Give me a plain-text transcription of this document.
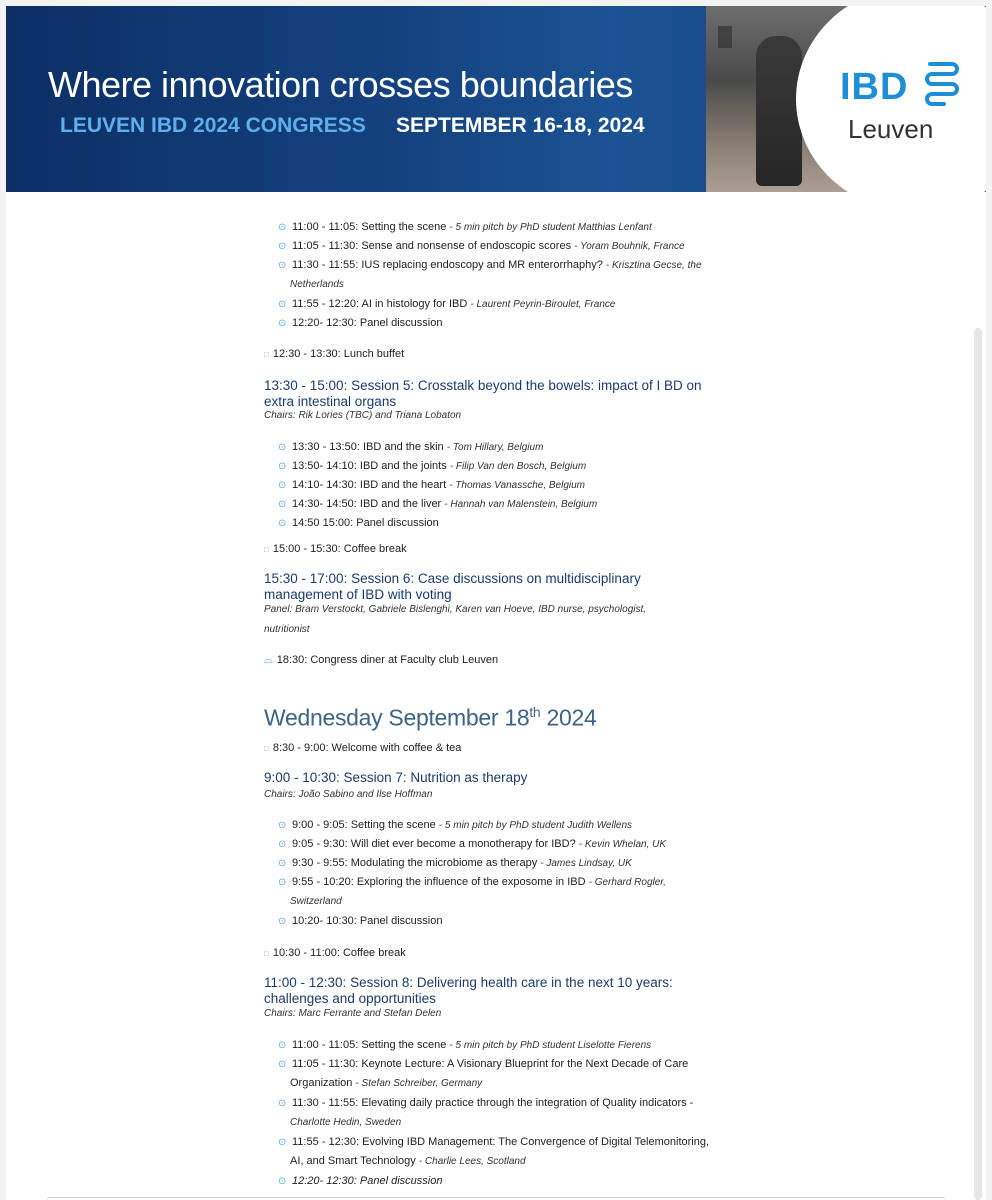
Where innovation crosses boundaries
LEUVEN IBD 2024 CONGRESS SEPTEMBER 16-18, 2024
IBD
Leuven
⊙ 11:00 - 11:05: Setting the scene - 5 min pitch by PhD student Matthias Lenfant
⊙ 11:05 - 11:30: Sense and nonsense of endoscopic scores - Yoram Bouhnik, France
⊙ 11:30 - 11:55: IUS replacing endoscopy and MR enterorrhaphy? - Krisztina Gecse, the
Netherlands
⊙ 11:55 - 12:20: AI in histology for IBD - Laurent Peyrin-Biroulet, France
⊙ 12:20- 12:30: Panel discussion
□ 12:30 - 13:30: Lunch buffet
13:30 - 15:00: Session 5: Crosstalk beyond the bowels: impact of I BD on
extra intestinal organs
Chairs: Rik Lories (TBC) and Triana Lobaton
⊙ 13:30 - 13:50: IBD and the skin - Tom Hillary, Belgium
⊙ 13:50- 14:10: IBD and the joints - Filip Van den Bosch, Belgium
⊙ 14:10- 14:30: IBD and the heart - Thomas Vanassche, Belgium
⊙ 14:30- 14:50: IBD and the liver - Hannah van Malenstein, Belgium
⊙ 14:50 15:00: Panel discussion
□ 15:00 - 15:30: Coffee break
15:30 - 17:00: Session 6: Case discussions on multidisciplinary
management of IBD with voting
Panel: Bram Verstockt, Gabriele Bislenghi, Karen van Hoeve, IBD nurse, psychologist,
nutritionist
⌓ 18:30: Congress diner at Faculty club Leuven
Wednesday September 18th 2024
□ 8:30 - 9:00: Welcome with coffee & tea
9:00 - 10:30: Session 7: Nutrition as therapy
Chairs: João Sabino and Ilse Hoffman
⊙ 9:00 - 9:05: Setting the scene - 5 min pitch by PhD student Judith Wellens
⊙ 9:05 - 9:30: Will diet ever become a monotherapy for IBD? - Kevin Whelan, UK
⊙ 9:30 - 9:55: Modulating the microbiome as therapy - James Lindsay, UK
⊙ 9:55 - 10:20: Exploring the influence of the exposome in IBD - Gerhard Rogler,
Switzerland
⊙ 10:20- 10:30: Panel discussion
□ 10:30 - 11:00: Coffee break
11:00 - 12:30: Session 8: Delivering health care in the next 10 years:
challenges and opportunities
Chairs: Marc Ferrante and Stefan Delen
⊙ 11:00 - 11:05: Setting the scene - 5 min pitch by PhD student Liselotte Fierens
⊙ 11:05 - 11:30: Keynote Lecture: A Visionary Blueprint for the Next Decade of Care
Organization - Stefan Schreiber, Germany
⊙ 11:30 - 11:55: Elevating daily practice through the integration of Quality indicators -
Charlotte Hedin, Sweden
⊙ 11:55 - 12:30: Evolving IBD Management: The Convergence of Digital Telemonitoring,
AI, and Smart Technology - Charlie Lees, Scotland
⊙ 12:20- 12:30: Panel discussion
